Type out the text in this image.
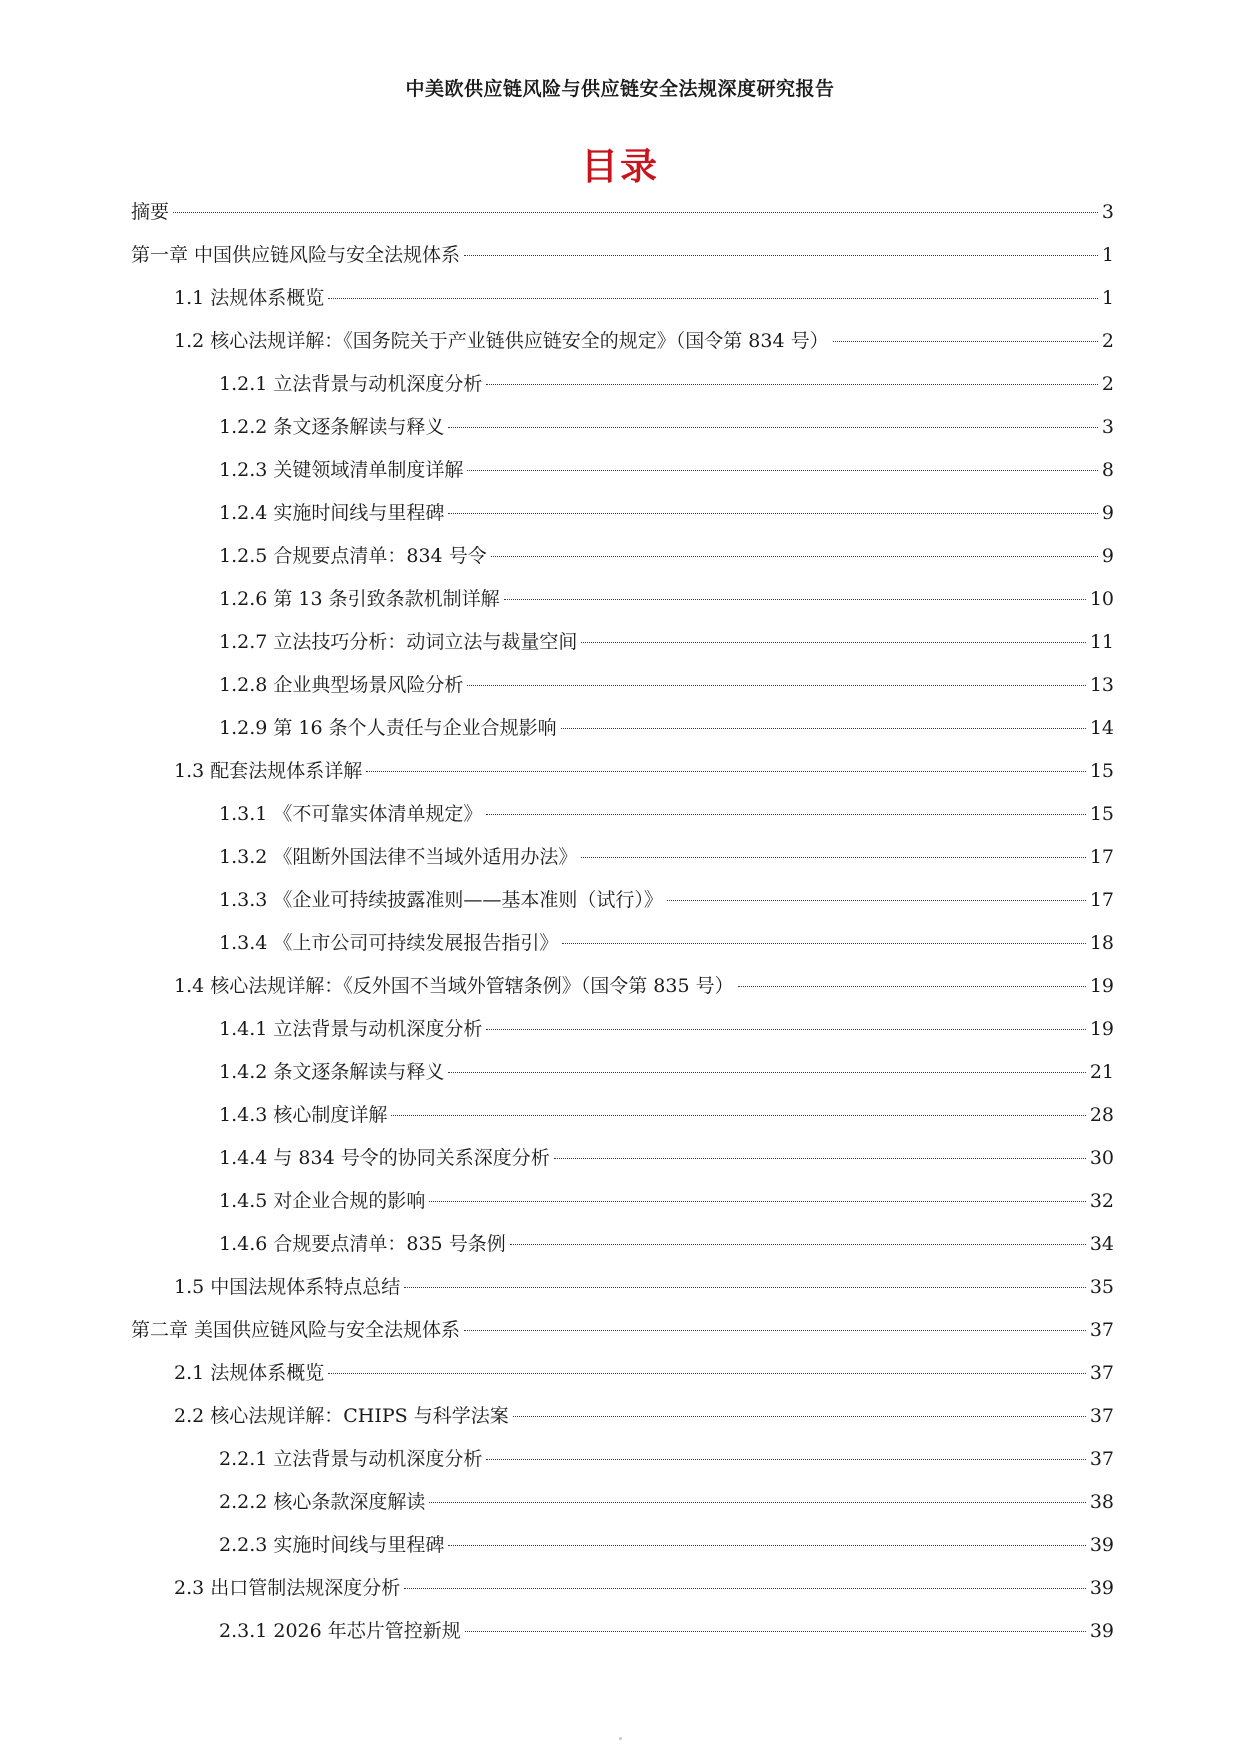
中美欧供应链风险与供应链安全法规深度研究报告
目录
摘要	3
第一章 中国供应链风险与安全法规体系	1
1.1 法规体系概览	1
1.2 核心法规详解：《国务院关于产业链供应链安全的规定》（国令第 834 号）	2
1.2.1 立法背景与动机深度分析	2
1.2.2 条文逐条解读与释义	3
1.2.3 关键领域清单制度详解	8
1.2.4 实施时间线与里程碑	9
1.2.5 合规要点清单：834 号令	9
1.2.6 第 13 条引致条款机制详解	10
1.2.7 立法技巧分析：动词立法与裁量空间	11
1.2.8 企业典型场景风险分析	13
1.2.9 第 16 条个人责任与企业合规影响	14
1.3 配套法规体系详解	15
1.3.1 《不可靠实体清单规定》	15
1.3.2 《阻断外国法律不当域外适用办法》	17
1.3.3 《企业可持续披露准则——基本准则（试行）》	17
1.3.4 《上市公司可持续发展报告指引》	18
1.4 核心法规详解：《反外国不当域外管辖条例》（国令第 835 号）	19
1.4.1 立法背景与动机深度分析	19
1.4.2 条文逐条解读与释义	21
1.4.3 核心制度详解	28
1.4.4 与 834 号令的协同关系深度分析	30
1.4.5 对企业合规的影响	32
1.4.6 合规要点清单：835 号条例	34
1.5 中国法规体系特点总结	35
第二章 美国供应链风险与安全法规体系	37
2.1 法规体系概览	37
2.2 核心法规详解：CHIPS 与科学法案	37
2.2.1 立法背景与动机深度分析	37
2.2.2 核心条款深度解读	38
2.2.3 实施时间线与里程碑	39
2.3 出口管制法规深度分析	39
2.3.1 2026 年芯片管控新规	39
